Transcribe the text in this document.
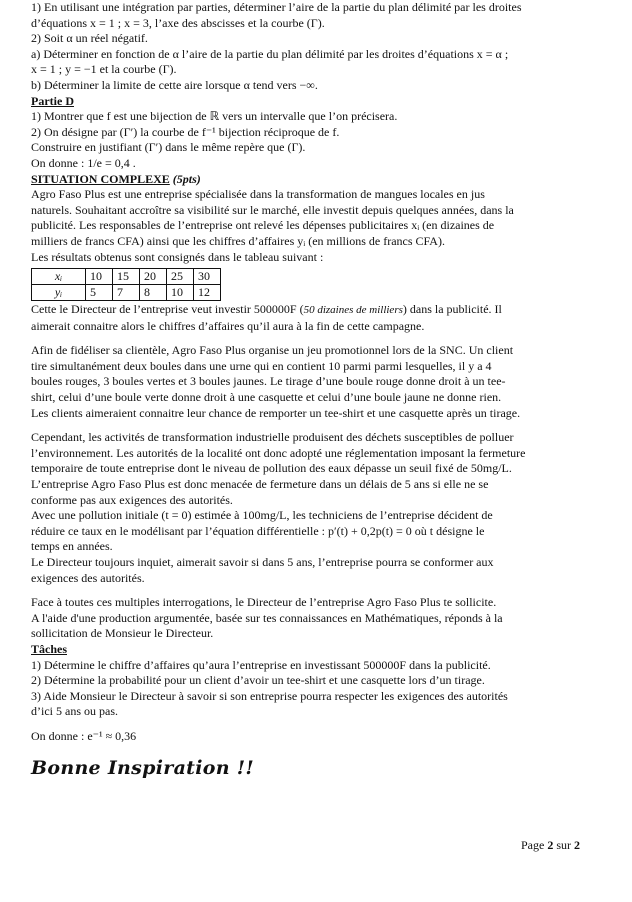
1) En utilisant une intégration par parties, déterminer l’aire de la partie du plan délimité par les droites

d’équations x = 1 ; x = 3, l’axe des abscisses et la courbe (Γ).

2) Soit α un réel négatif.

a) Déterminer en fonction de α l’aire de la partie du plan délimité par les droites d’équations x = α ;

x = 1 ; y = −1 et la courbe (Γ).

b) Déterminer la limite de cette aire lorsque α tend vers −∞.

Partie D

1) Montrer que f est une bijection de ℝ vers un intervalle que l’on précisera.

2) On désigne par (Γ′) la courbe de f⁻¹ bijection réciproque de f.

Construire en justifiant (Γ′) dans le même repère que (Γ).

On donne : 1/e = 0,4 .

SITUATION COMPLEXE (5pts)

Agro Faso Plus est une entreprise spécialisée dans la transformation de mangues locales en jus

naturels. Souhaitant accroître sa visibilité sur le marché, elle investit depuis quelques années, dans la

publicité. Les responsables de l’entreprise ont relevé les dépenses publicitaires xᵢ (en dizaines de

milliers de francs CFA) ainsi que les chiffres d’affaires yᵢ (en millions de francs CFA).

Les résultats obtenus sont consignés dans le tableau suivant :

xᵢ	10	15	20	25	30
yᵢ	5	7	8	10	12

Cette le Directeur de l’entreprise veut investir 500000F (50 dizaines de milliers) dans la publicité. Il

aimerait connaitre alors le chiffres d’affaires qu’il aura à la fin de cette campagne.

Afin de fidéliser sa clientèle, Agro Faso Plus organise un jeu promotionnel lors de la SNC. Un client

tire simultanément deux boules dans une urne qui en contient 10 parmi parmi lesquelles, il y a 4

boules rouges, 3 boules vertes et 3 boules jaunes. Le tirage d’une boule rouge donne droit à un tee-

shirt, celui d’une boule verte donne droit à une casquette et celui d’une boule jaune ne donne rien.

Les clients aimeraient connaitre leur chance de remporter un tee-shirt et une casquette après un tirage.

Cependant, les activités de transformation industrielle produisent des déchets susceptibles de polluer

l’environnement. Les autorités de la localité ont donc adopté une réglementation imposant la fermeture

temporaire de toute entreprise dont le niveau de pollution des eaux dépasse un seuil fixé de 50mg/L.

L’entreprise Agro Faso Plus est donc menacée de fermeture dans un délais de 5 ans si elle ne se

conforme pas aux exigences des autorités.

Avec une pollution initiale (t = 0) estimée à 100mg/L, les techniciens de l’entreprise décident de

réduire ce taux en le modélisant par l’équation différentielle : p′(t) + 0,2p(t) = 0 où t désigne le

temps en années.

Le Directeur toujours inquiet, aimerait savoir si dans 5 ans, l’entreprise pourra se conformer aux

exigences des autorités.

Face à toutes ces multiples interrogations, le Directeur de l’entreprise Agro Faso Plus te sollicite.

A l'aide d'une production argumentée, basée sur tes connaissances en Mathématiques, réponds à la

sollicitation de Monsieur le Directeur.

Tâches

1) Détermine le chiffre d’affaires qu’aura l’entreprise en investissant 500000F dans la publicité.

2) Détermine la probabilité pour un client d’avoir un tee-shirt et une casquette lors d’un tirage.

3) Aide Monsieur le Directeur à savoir si son entreprise pourra respecter les exigences des autorités

d’ici 5 ans ou pas.

On donne : e⁻¹ ≈ 0,36

Bonne Inspiration !!

Page 2 sur 2
